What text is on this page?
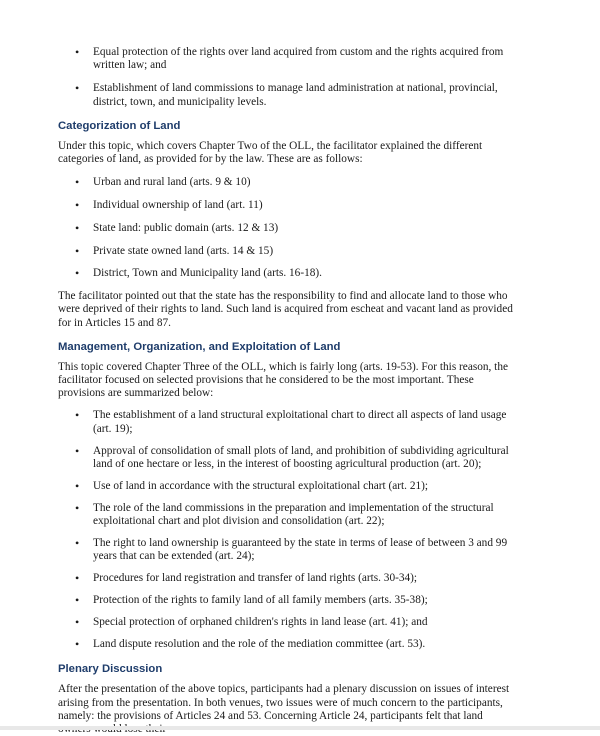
• Equal protection of the rights over land acquired from custom and the rights acquired from written law; and
• Establishment of land commissions to manage land administration at national, provincial, district, town, and municipality levels.
Categorization of Land

Under this topic, which covers Chapter Two of the OLL, the facilitator explained the different categories of land, as provided for by the law. These are as follows:

• Urban and rural land (arts. 9 & 10)
• Individual ownership of land (art. 11)
• State land: public domain (arts. 12 & 13)
• Private state owned land (arts. 14 & 15)
• District, Town and Municipality land (arts. 16-18).

The facilitator pointed out that the state has the responsibility to find and allocate land to those who were deprived of their rights to land. Such land is acquired from escheat and vacant land as provided for in Articles 15 and 87.

Management, Organization, and Exploitation of Land

This topic covered Chapter Three of the OLL, which is fairly long (arts. 19-53). For this reason, the facilitator focused on selected provisions that he considered to be the most important. These provisions are summarized below:

• The establishment of a land structural exploitational chart to direct all aspects of land usage (art. 19);
• Approval of consolidation of small plots of land, and prohibition of subdividing agricultural land of one hectare or less, in the interest of boosting agricultural production (art. 20);
• Use of land in accordance with the structural exploitational chart (art. 21);
• The role of the land commissions in the preparation and implementation of the structural exploitational chart and plot division and consolidation (art. 22);
• The right to land ownership is guaranteed by the state in terms of lease of between 3 and 99 years that can be extended (art. 24);
• Procedures for land registration and transfer of land rights (arts. 30-34);
• Protection of the rights to family land of all family members (arts. 35-38);
• Special protection of orphaned children's rights in land lease (art. 41); and
• Land dispute resolution and the role of the mediation committee (art. 53).
Plenary Discussion

After the presentation of the above topics, participants had a plenary discussion on issues of interest arising from the presentation. In both venues, two issues were of much concern to the participants, namely: the provisions of Articles 24 and 53. Concerning Article 24, participants felt that land
